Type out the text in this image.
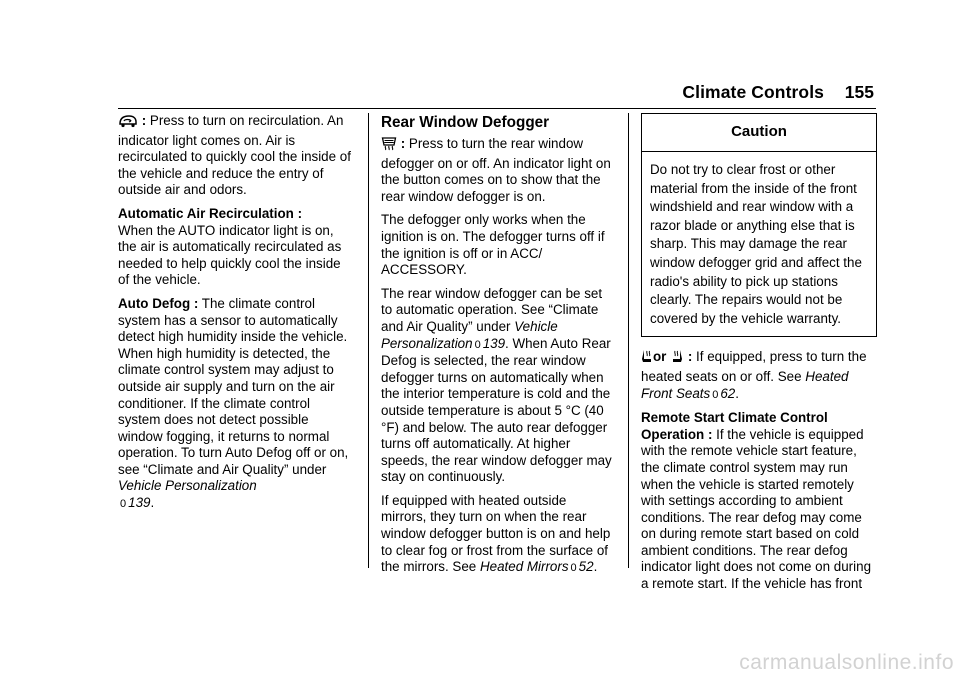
Climate Controls 155

: Press to turn on recirculation. An indicator light comes on. Air is recirculated to quickly cool the inside of the vehicle and reduce the entry of outside air and odors.

Automatic Air Recirculation :
When the AUTO indicator light is on, the air is automatically recirculated as needed to help quickly cool the inside of the vehicle.

Auto Defog : The climate control system has a sensor to automatically detect high humidity inside the vehicle. When high humidity is detected, the climate control system may adjust to outside air supply and turn on the air conditioner. If the climate control system does not detect possible window fogging, it returns to normal operation. To turn Auto Defog off or on, see “Climate and Air Quality” under Vehicle Personalization
0 139.

Rear Window Defogger

: Press to turn the rear window defogger on or off. An indicator light on the button comes on to show that the rear window defogger is on.

The defogger only works when the ignition is on. The defogger turns off if the ignition is off or in ACC/ ACCESSORY.

The rear window defogger can be set to automatic operation. See “Climate and Air Quality” under Vehicle Personalization 0 139. When Auto Rear Defog is selected, the rear window defogger turns on automatically when the interior temperature is cold and the outside temperature is about 5 °C (40 °F) and below. The auto rear defogger turns off automatically. At higher speeds, the rear window defogger may stay on continuously.

If equipped with heated outside mirrors, they turn on when the rear window defogger button is on and help to clear fog or frost from the surface of the mirrors. See Heated Mirrors 0 52.

Caution
Do not try to clear frost or other material from the inside of the front windshield and rear window with a razor blade or anything else that is sharp. This may damage the rear window defogger grid and affect the radio's ability to pick up stations clearly. The repairs would not be covered by the vehicle warranty.

or  : If equipped, press to turn the heated seats on or off. See Heated Front Seats 0 62.

Remote Start Climate Control Operation : If the vehicle is equipped with the remote vehicle start feature, the climate control system may run when the vehicle is started remotely with settings according to ambient conditions. The rear defog may come on during remote start based on cold ambient conditions. The rear defog indicator light does not come on during a remote start. If the vehicle has front

carmanualsonline.info
